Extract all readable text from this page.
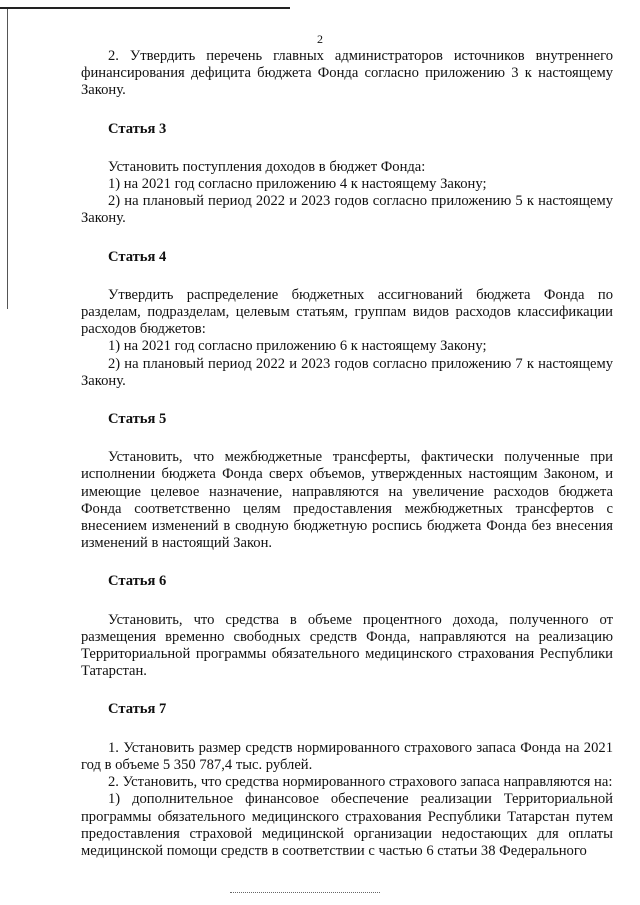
2

2. Утвердить перечень главных администраторов источников внутреннего финансирования дефицита бюджета Фонда согласно приложению 3 к настоящему Закону.

Статья 3

Установить поступления доходов в бюджет Фонда:

1) на 2021 год согласно приложению 4 к настоящему Закону;

2) на плановый период 2022 и 2023 годов согласно приложению 5 к настоящему Закону.

Статья 4

Утвердить распределение бюджетных ассигнований бюджета Фонда по разделам, подразделам, целевым статьям, группам видов расходов классификации расходов бюджетов:

1) на 2021 год согласно приложению 6 к настоящему Закону;

2) на плановый период 2022 и 2023 годов согласно приложению 7 к настоящему Закону.

Статья 5

Установить, что межбюджетные трансферты, фактически полученные при исполнении бюджета Фонда сверх объемов, утвержденных настоящим Законом, и имеющие целевое назначение, направляются на увеличение расходов бюджета Фонда соответственно целям предоставления межбюджетных трансфертов с внесением изменений в сводную бюджетную роспись бюджета Фонда без внесения изменений в настоящий Закон.

Статья 6

Установить, что средства в объеме процентного дохода, полученного от размещения временно свободных средств Фонда, направляются на реализацию Территориальной программы обязательного медицинского страхования Республики Татарстан.

Статья 7

1. Установить размер средств нормированного страхового запаса Фонда на 2021 год в объеме 5 350 787,4 тыс. рублей.

2. Установить, что средства нормированного страхового запаса направляются на:

1) дополнительное финансовое обеспечение реализации Территориальной программы обязательного медицинского страхования Республики Татарстан путем предоставления страховой медицинской организации недостающих для оплаты медицинской помощи средств в соответствии с частью 6 статьи 38 Федерального
